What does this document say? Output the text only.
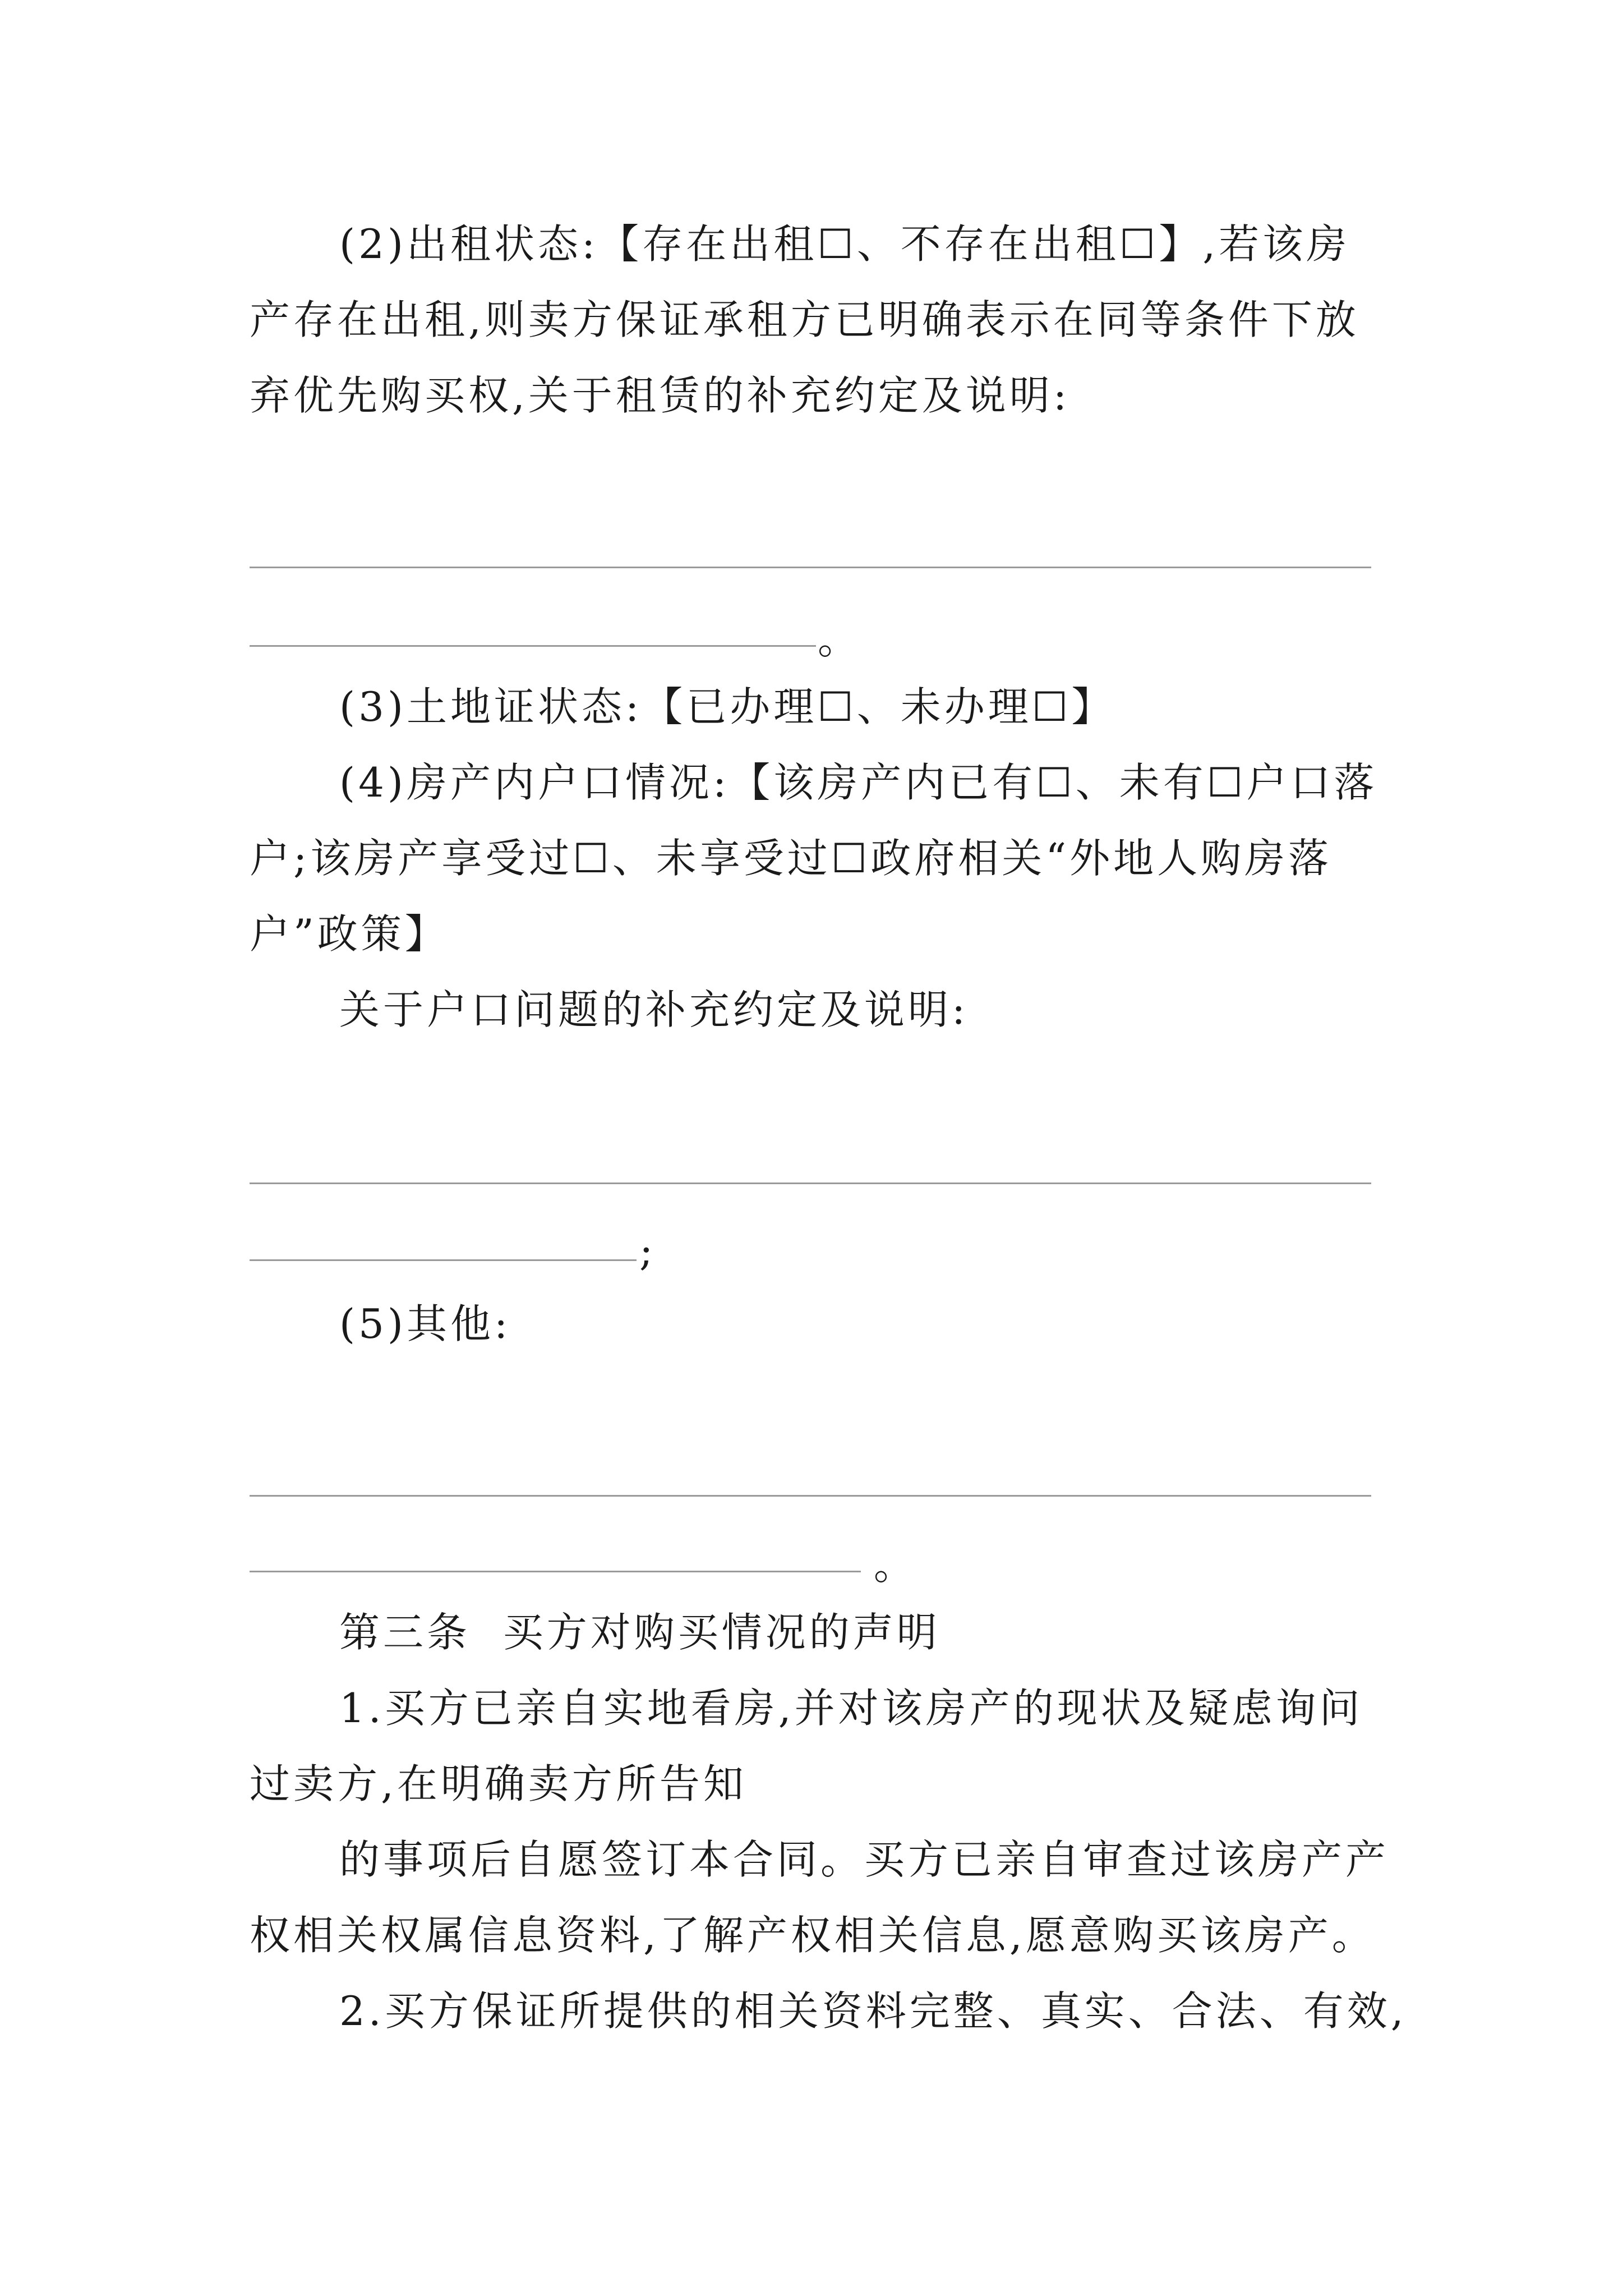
(2)出租状态:【存在出租☐、不存在出租☐】,若该房
产存在出租,则卖方保证承租方已明确表示在同等条件下放
弃优先购买权,关于租赁的补充约定及说明:
。
(3)土地证状态:【已办理☐、未办理☐】
(4)房产内户口情况:【该房产内已有☐、未有☐户口落
户;该房产享受过☐、未享受过☐政府相关“外地人购房落
户”政策】
关于户口问题的补充约定及说明:
;
(5)其他:
。
第三条  买方对购买情况的声明
1.买方已亲自实地看房,并对该房产的现状及疑虑询问
过卖方,在明确卖方所告知
的事项后自愿签订本合同。买方已亲自审查过该房产产
权相关权属信息资料,了解产权相关信息,愿意购买该房产。
2.买方保证所提供的相关资料完整、真实、合法、有效,
